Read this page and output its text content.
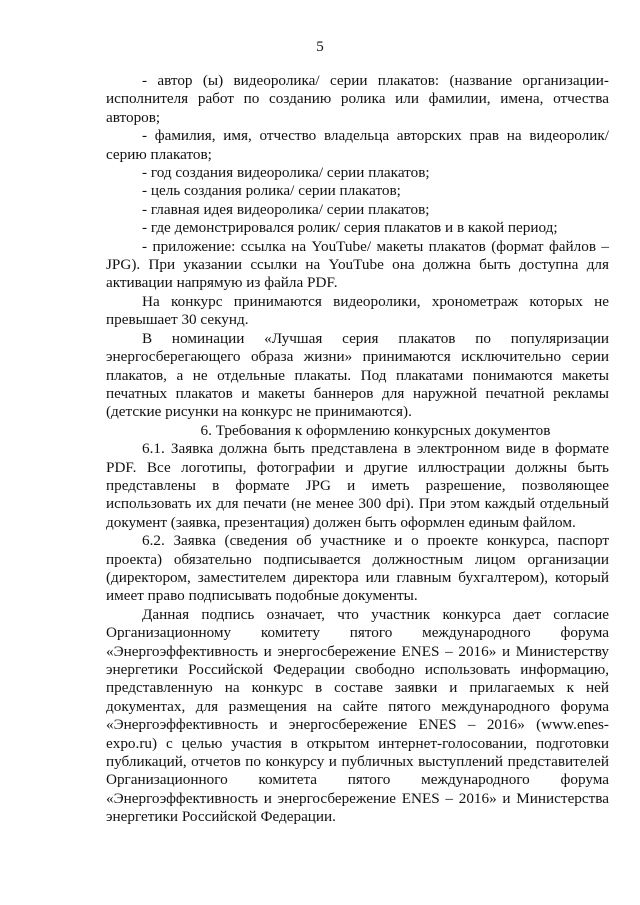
5

- автор (ы) видеоролика/ серии плакатов: (название организации-исполнителя работ по созданию ролика или фамилии, имена, отчества авторов;

- фамилия, имя, отчество владельца авторских прав на видеоролик/ серию плакатов;

- год создания видеоролика/ серии плакатов;

- цель создания ролика/ серии плакатов;

- главная идея видеоролика/ серии плакатов;

- где демонстрировался ролик/ серия плакатов и в какой период;

- приложение: ссылка на YouTube/ макеты плакатов (формат файлов – JPG). При указании ссылки на YouTube она должна быть доступна для активации напрямую из файла PDF.

На конкурс принимаются видеоролики, хронометраж которых не превышает 30 секунд.

В номинации «Лучшая серия плакатов по популяризации энергосберегающего образа жизни» принимаются исключительно серии плакатов, а не отдельные плакаты. Под плакатами понимаются макеты печатных плакатов и макеты баннеров для наружной печатной рекламы (детские рисунки на конкурс не принимаются).

6. Требования к оформлению конкурсных документов

6.1. Заявка должна быть представлена в электронном виде в формате PDF. Все логотипы, фотографии и другие иллюстрации должны быть представлены в формате JPG и иметь разрешение, позволяющее использовать их для печати (не менее 300 dpi). При этом каждый отдельный документ (заявка, презентация) должен быть оформлен единым файлом.

6.2. Заявка (сведения об участнике и о проекте конкурса, паспорт проекта) обязательно подписывается должностным лицом организации (директором, заместителем директора или главным бухгалтером), который имеет право подписывать подобные документы.

Данная подпись означает, что участник конкурса дает согласие Организационному комитету пятого международного форума «Энергоэффективность и энергосбережение ENES – 2016» и Министерству энергетики Российской Федерации свободно использовать информацию, представленную на конкурс в составе заявки и прилагаемых к ней документах, для размещения на сайте пятого международного форума «Энергоэффективность и энергосбережение ENES – 2016» (www.enes-expo.ru) с целью участия в открытом интернет-голосовании, подготовки публикаций, отчетов по конкурсу и публичных выступлений представителей Организационного комитета пятого международного форума «Энергоэффективность и энергосбережение ENES – 2016» и Министерства энергетики Российской Федерации.
